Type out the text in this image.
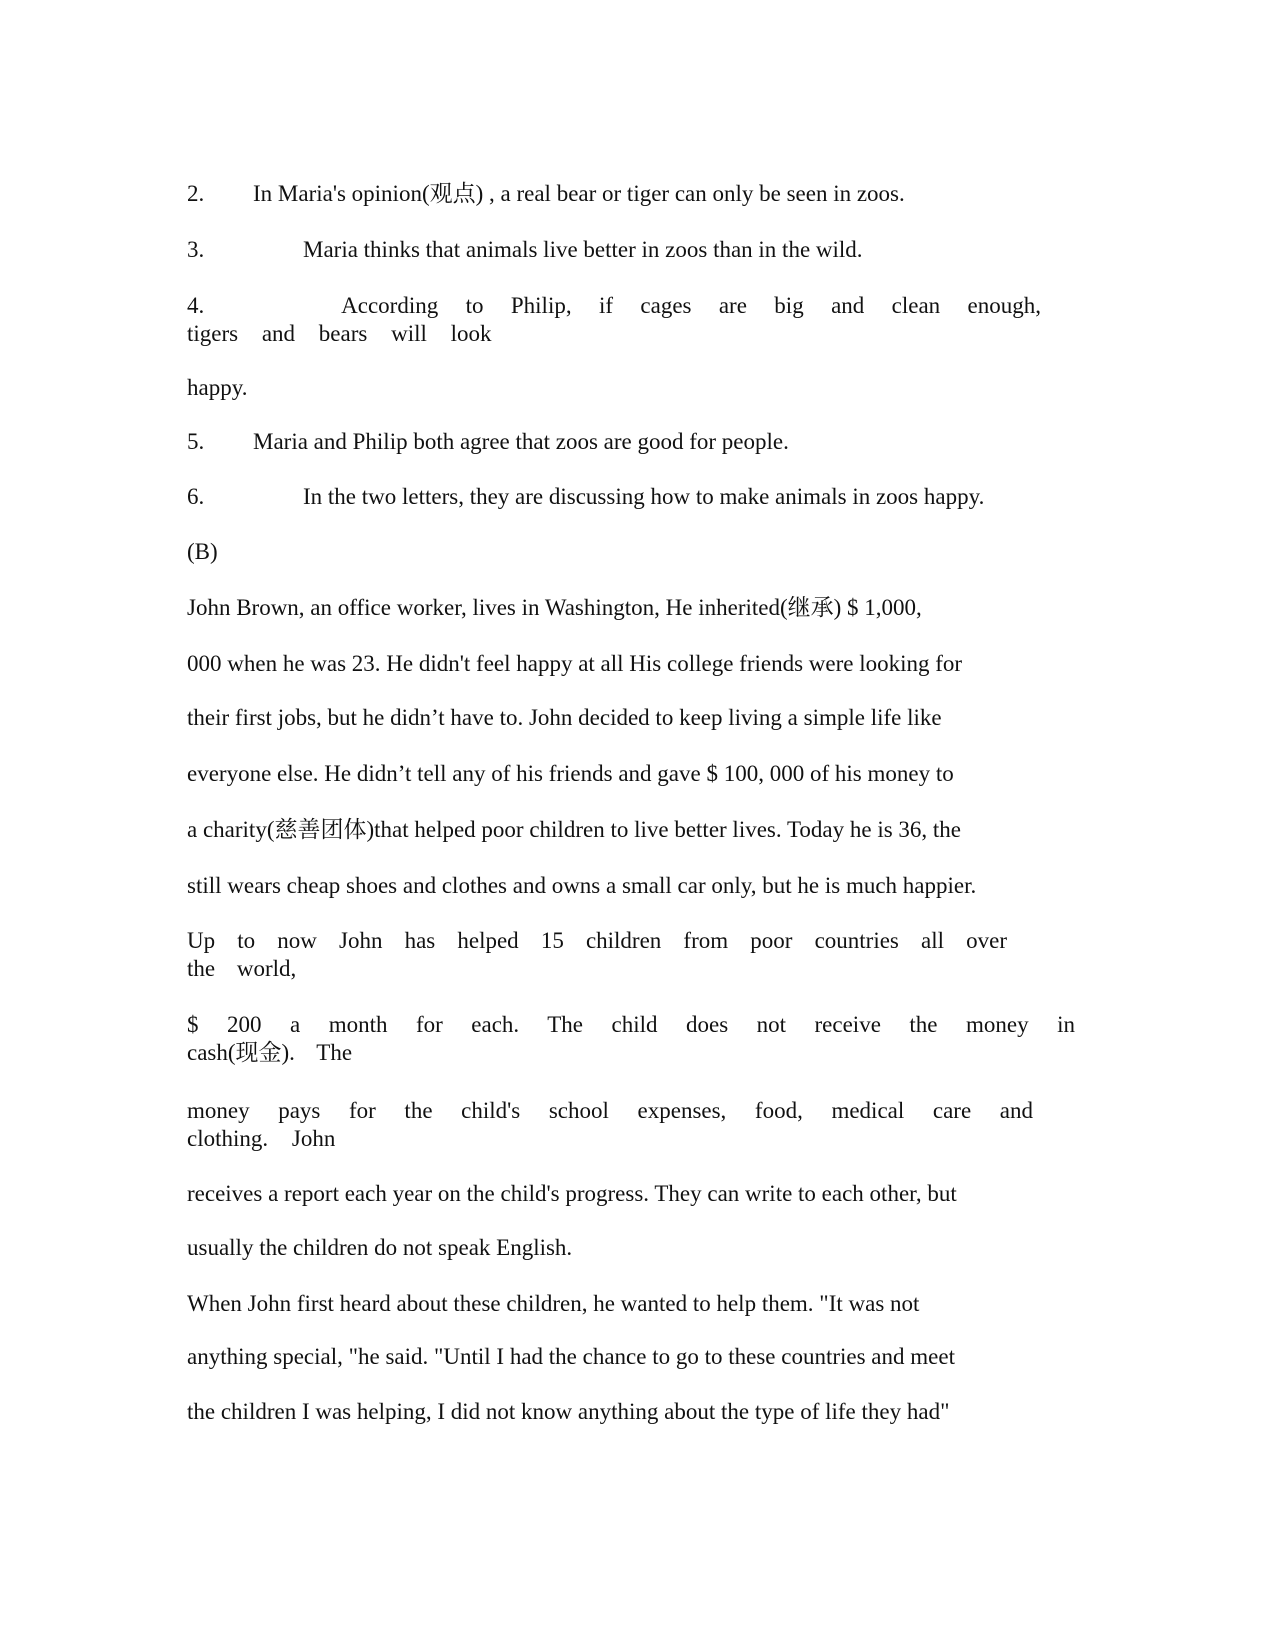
2. In Maria's opinion(观点) , a real bear or tiger can only be seen in zoos.
3.	Maria thinks that animals live better in zoos than in the wild.
4.	According to Philip, if cages are big and clean enough, tigers and bears will look
happy.
5. Maria and Philip both agree that zoos are good for people.
6.	In the two letters, they are discussing how to make animals in zoos happy.
(B)
John Brown, an office worker, lives in Washington, He inherited(继承) $ 1,000,
000 when he was 23. He didn't feel happy at all His college friends were looking for
their first jobs, but he didn’t have to. John decided to keep living a simple life like
everyone else. He didn’t tell any of his friends and gave $ 100, 000 of his money to
a charity(慈善团体)that helped poor children to live better lives. Today he is 36, the
still wears cheap shoes and clothes and owns a small car only, but he is much happier.
Up to now John has helped 15 children from poor countries all over the world,
$ 200 a month for each. The child does not receive the money in cash(现金). The
money pays for the child's school expenses, food, medical care and clothing. John
receives a report each year on the child's progress. They can write to each other, but
usually the children do not speak English.
When John first heard about these children, he wanted to help them. "It was not
anything special, "he said. "Until I had the chance to go to these countries and meet
the children I was helping, I did not know anything about the type of life they had"
